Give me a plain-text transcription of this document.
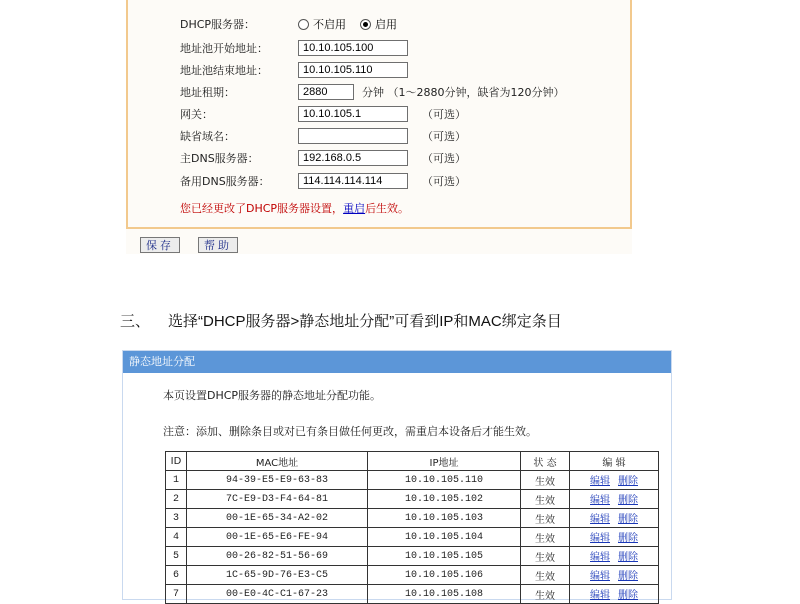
DHCP服务器：	不启用	启用
地址池开始地址：	10.10.105.100
地址池结束地址：	10.10.105.110
地址租期：	2880	分钟 （1～2880分钟，缺省为120分钟）
网关：	10.10.105.1	（可选）
缺省域名：	（可选）
主DNS服务器：	192.168.0.5	（可选）
备用DNS服务器：	114.114.114.114	（可选）
您已经更改了DHCP服务器设置，重启后生效。
保存	帮助
三、 选择“DHCP服务器>静态地址分配”可看到IP和MAC绑定条目
静态地址分配
本页设置DHCP服务器的静态地址分配功能。
注意：添加、删除条目或对已有条目做任何更改，需重启本设备后才能生效。
ID	MAC地址	IP地址	状 态	编 辑
1	94-39-E5-E9-63-83	10.10.105.110	生效	编辑 删除
2	7C-E9-D3-F4-64-81	10.10.105.102	生效	编辑 删除
3	00-1E-65-34-A2-02	10.10.105.103	生效	编辑 删除
4	00-1E-65-E6-FE-94	10.10.105.104	生效	编辑 删除
5	00-26-82-51-56-69	10.10.105.105	生效	编辑 删除
6	1C-65-9D-76-E3-C5	10.10.105.106	生效	编辑 删除
7	00-E0-4C-C1-67-23	10.10.105.108	生效	编辑 删除
